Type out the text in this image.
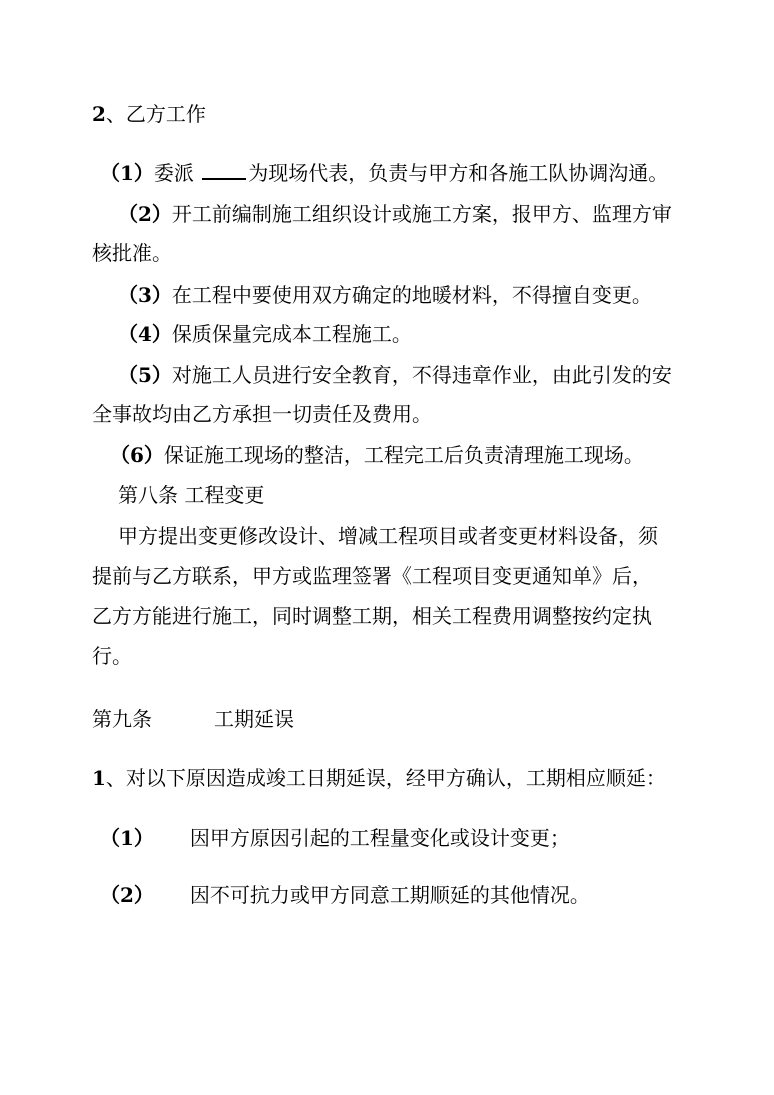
2、乙方工作
（1）委派 为现场代表，负责与甲方和各施工队协调沟通。
（2）开工前编制施工组织设计或施工方案，报甲方、监理方审
核批准。
（3）在工程中要使用双方确定的地暖材料，不得擅自变更。
（4）保质保量完成本工程施工。
（5）对施工人员进行安全教育，不得违章作业，由此引发的安
全事故均由乙方承担一切责任及费用。
（6）保证施工现场的整洁，工程完工后负责清理施工现场。
第八条 工程变更
甲方提出变更修改设计、增减工程项目或者变更材料设备，须
提前与乙方联系，甲方或监理签署《工程项目变更通知单》后，
乙方方能进行施工，同时调整工期，相关工程费用调整按约定执
行。
第九条	工期延误
1、对以下原因造成竣工日期延误，经甲方确认，工期相应顺延：
（1） 因甲方原因引起的工程量变化或设计变更；
（2） 因不可抗力或甲方同意工期顺延的其他情况。
